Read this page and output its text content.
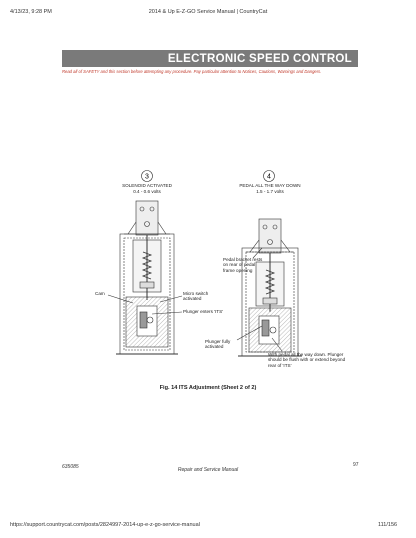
4/13/23, 9:28 PM	2014 & Up E-Z-GO Service Manual | CountryCat
ELECTRONIC SPEED CONTROL
Read all of SAFETY and this section before attempting any procedure. Pay particular attention to Notices, Cautions, Warnings and Dangers.
3	4
SOLENOID ACTIVATED
0.4 - 0.6 volts
Cam	Micro switch activated
Plunger enters 'ITS'
PEDAL ALL THE WAY DOWN
1.5 - 1.7 volts
Pedal bracket rests on rear of pedal frame opening
Plunger fully activated
With pedal all the way down. Plunger should be flush with or extend beyond rear of 'ITS'
Fig. 14 ITS Adjustment (Sheet 2 of 2)
635085	Repair and Service Manual
97
https://support.countrycat.com/posts/2824997-2014-up-e-z-go-service-manual	111/156
